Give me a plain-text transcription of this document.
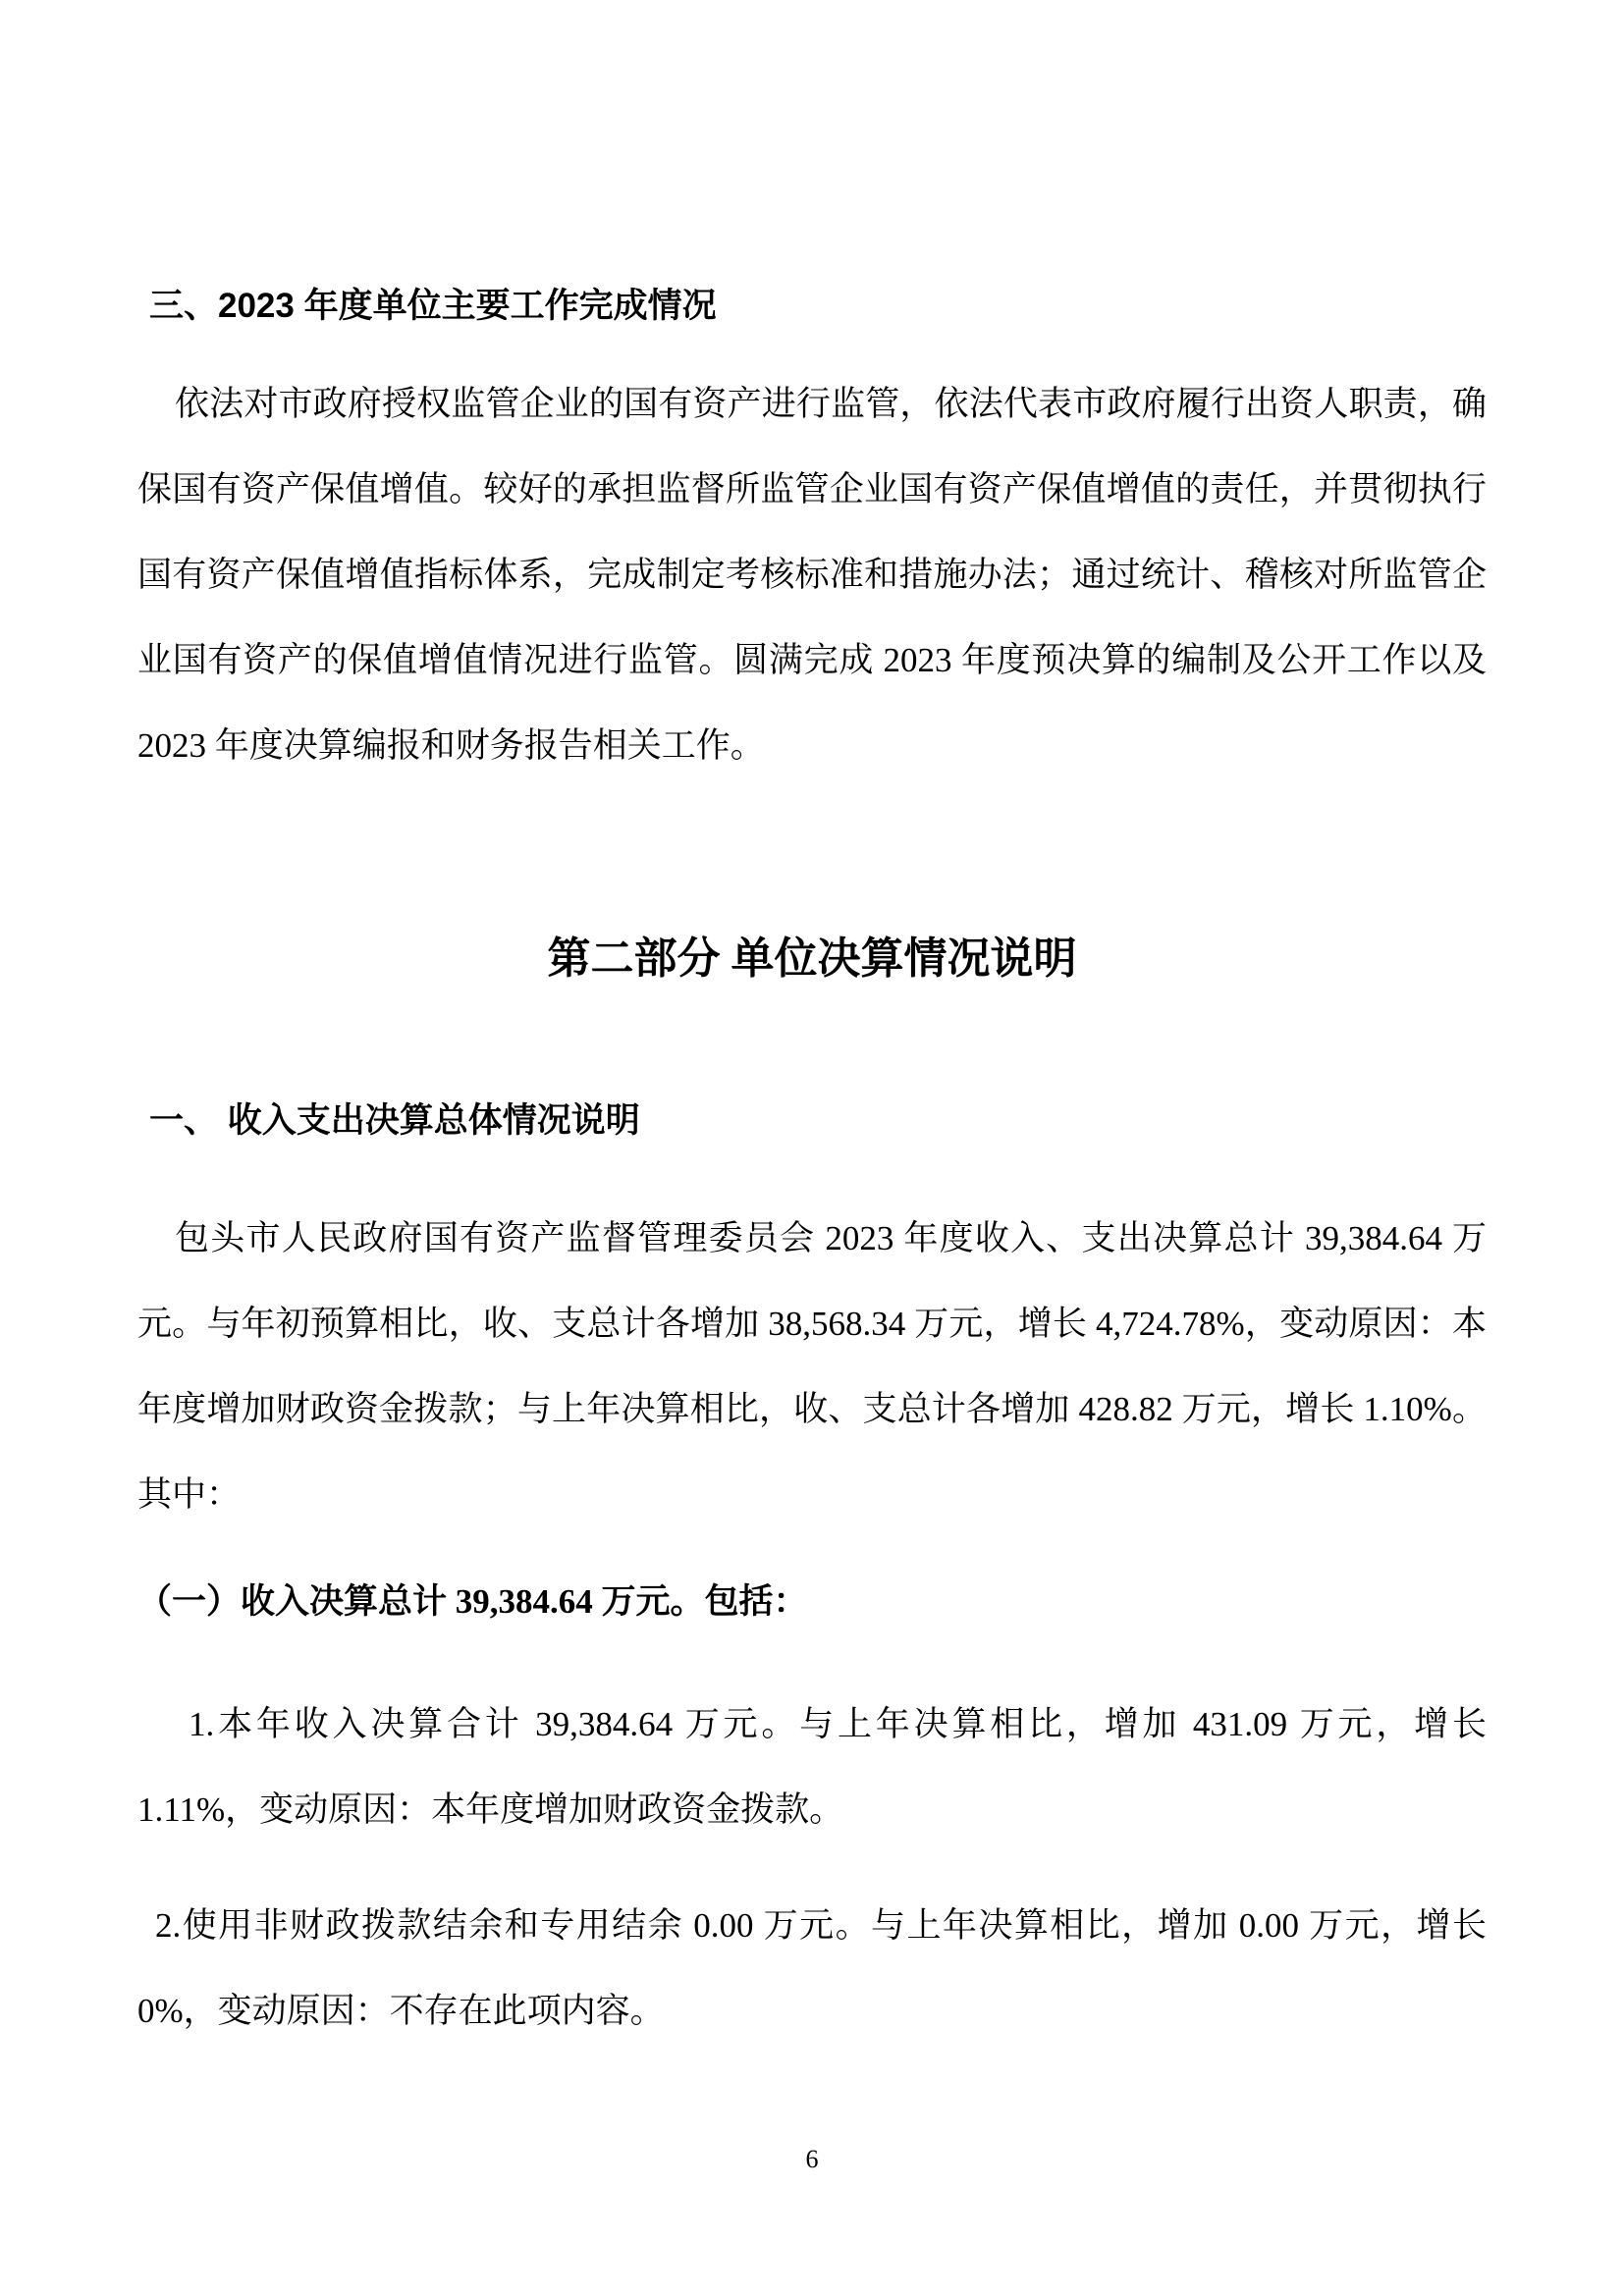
三、2023 年度单位主要工作完成情况

依法对市政府授权监管企业的国有资产进行监管，依法代表市政府履行出资人职责，确保国有资产保值增值。较好的承担监督所监管企业国有资产保值增值的责任，并贯彻执行国有资产保值增值指标体系，完成制定考核标准和措施办法；通过统计、稽核对所监管企业国有资产的保值增值情况进行监管。圆满完成 2023 年度预决算的编制及公开工作以及 2023 年度决算编报和财务报告相关工作。

第二部分 单位决算情况说明
一、 收入支出决算总体情况说明

包头市人民政府国有资产监督管理委员会 2023 年度收入、支出决算总计 39,384.64 万元。与年初预算相比，收、支总计各增加 38,568.34 万元，增长 4,724.78%，变动原因：本年度增加财政资金拨款；与上年决算相比，收、支总计各增加 428.82 万元，增长 1.10%。其中：

（一）收入决算总计 39,384.64 万元。包括：

1.本年收入决算合计 39,384.64 万元。与上年决算相比，增加 431.09 万元，增长 1.11%，变动原因：本年度增加财政资金拨款。

2.使用非财政拨款结余和专用结余 0.00 万元。与上年决算相比，增加 0.00 万元，增长 0%，变动原因：不存在此项内容。

6
